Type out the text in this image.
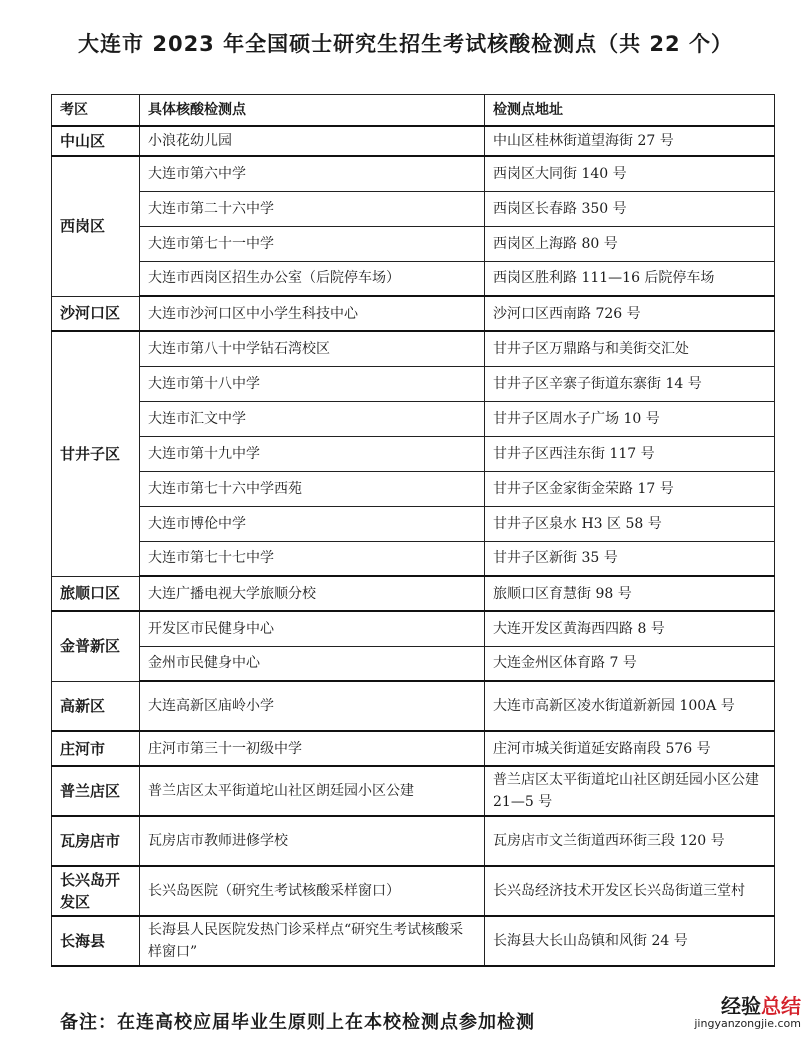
大连市 2023 年全国硕士研究生招生考试核酸检测点（共 22 个）
考区	具体核酸检测点	检测点地址
中山区	小浪花幼儿园	中山区桂林街道望海街 27 号
西岗区	大连市第六中学	西岗区大同街 140 号
	大连市第二十六中学	西岗区长春路 350 号
	大连市第七十一中学	西岗区上海路 80 号
	大连市西岗区招生办公室（后院停车场）	西岗区胜利路 111—16 后院停车场
沙河口区	大连市沙河口区中小学生科技中心	沙河口区西南路 726 号
甘井子区	大连市第八十中学钻石湾校区	甘井子区万鼎路与和美街交汇处
	大连市第十八中学	甘井子区辛寨子街道东寨街 14 号
	大连市汇文中学	甘井子区周水子广场 10 号
	大连市第十九中学	甘井子区西洼东街 117 号
	大连市第七十六中学西苑	甘井子区金家街金荣路 17 号
	大连市博伦中学	甘井子区泉水 H3 区 58 号
	大连市第七十七中学	甘井子区新街 35 号
旅顺口区	大连广播电视大学旅顺分校	旅顺口区育慧街 98 号
金普新区	开发区市民健身中心	大连开发区黄海西四路 8 号
	金州市民健身中心	大连金州区体育路 7 号
高新区	大连高新区庙岭小学	大连市高新区凌水街道新新园 100A 号
庄河市	庄河市第三十一初级中学	庄河市城关街道延安路南段 576 号
普兰店区	普兰店区太平街道坨山社区朗廷园小区公建	普兰店区太平街道坨山社区朗廷园小区公建 21—5 号
瓦房店市	瓦房店市教师进修学校	瓦房店市文兰街道西环街三段 120 号
长兴岛开发区	长兴岛医院（研究生考试核酸采样窗口）	长兴岛经济技术开发区长兴岛街道三堂村
长海县	长海县人民医院发热门诊采样点“研究生考试核酸采样窗口”	长海县大长山岛镇和风街 24 号
备注：在连高校应届毕业生原则上在本校检测点参加检测
经验总结
jingyanzongjie.com
